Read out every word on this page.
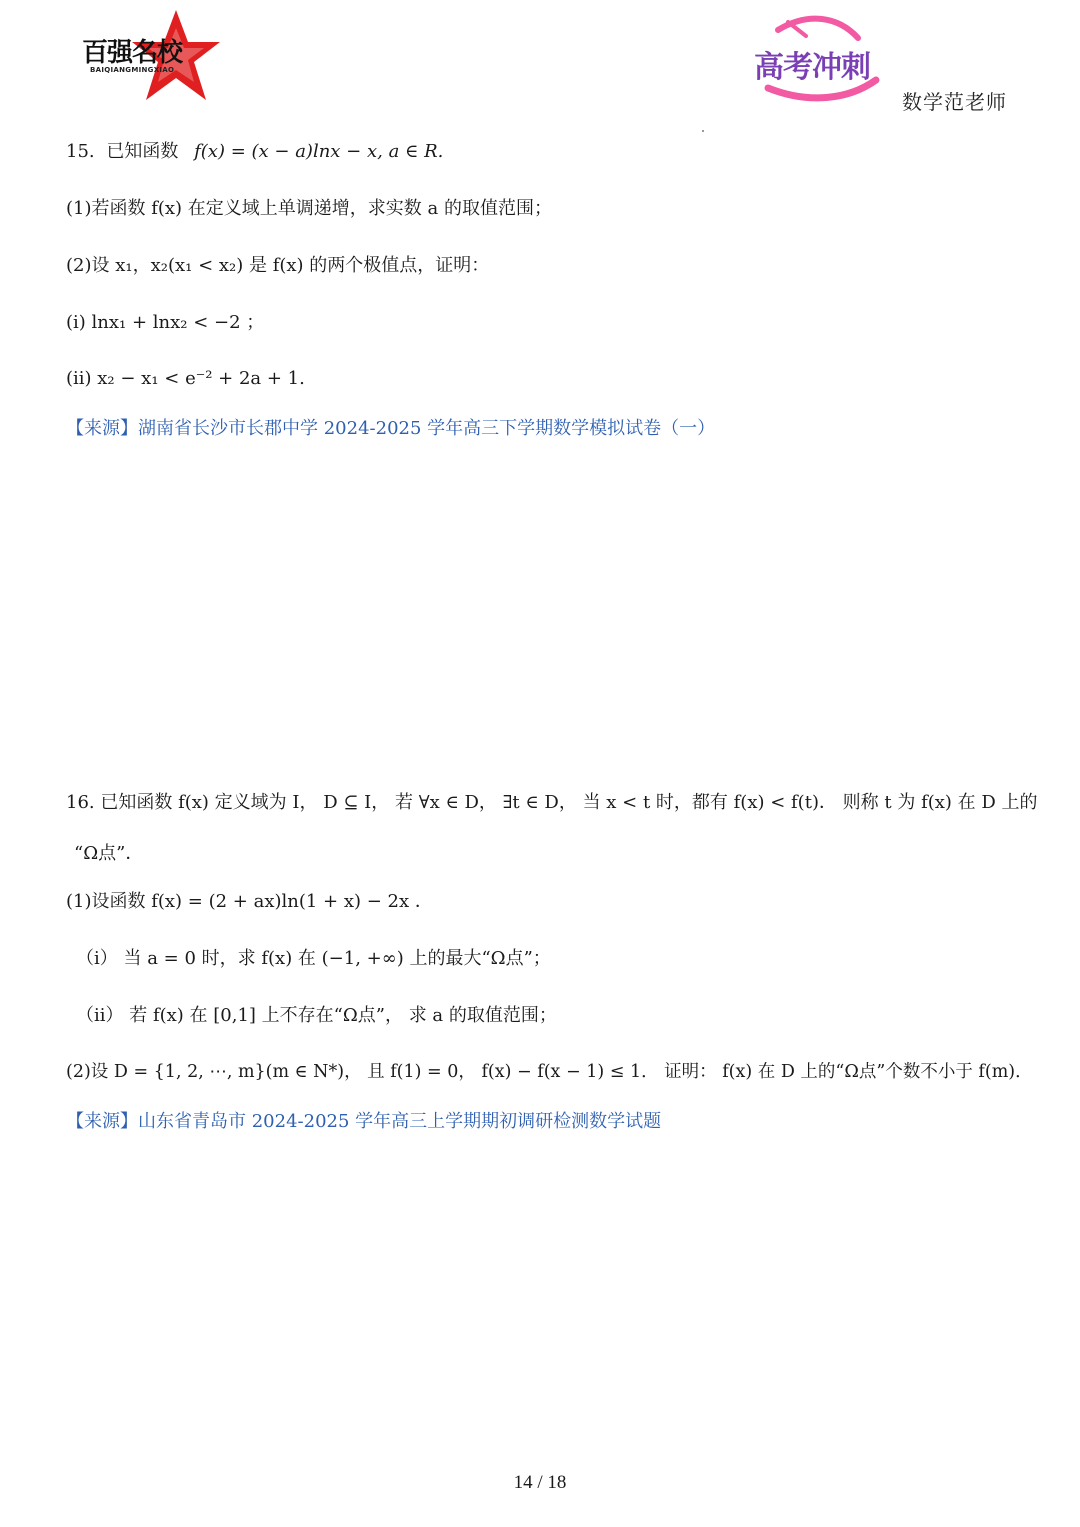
百强名校
BAIQIANGMINGXIAO	高考冲刺
数学范老师
15. 已知函数 f(x) = (x − a)lnx − x, a ∈ R.
(1)若函数 f(x) 在定义域上单调递增，求实数 a 的取值范围；
(2)设 x₁，x₂(x₁ < x₂) 是 f(x) 的两个极值点，证明：
(i) lnx₁ + lnx₂ < −2 ；
(ii) x₂ − x₁ < e⁻² + 2a + 1.
【来源】湖南省长沙市长郡中学 2024-2025 学年高三下学期数学模拟试卷（一）
16. 已知函数 f(x) 定义域为 I， D ⊆ I， 若 ∀x ∈ D， ∃t ∈ D， 当 x < t 时，都有 f(x) < f(t)． 则称 t 为 f(x) 在 D 上的
“Ω点”．
(1)设函数 f(x) = (2 + ax)ln(1 + x) − 2x ．
（i） 当 a = 0 时，求 f(x) 在 (−1, +∞) 上的最大“Ω点”；
（ii） 若 f(x) 在 [0,1] 上不存在“Ω点”， 求 a 的取值范围；
(2)设 D = {1, 2, ⋯, m}(m ∈ N*)， 且 f(1) = 0， f(x) − f(x − 1) ≤ 1． 证明： f(x) 在 D 上的“Ω点”个数不小于 f(m)．
【来源】山东省青岛市 2024-2025 学年高三上学期期初调研检测数学试题
14 / 18
